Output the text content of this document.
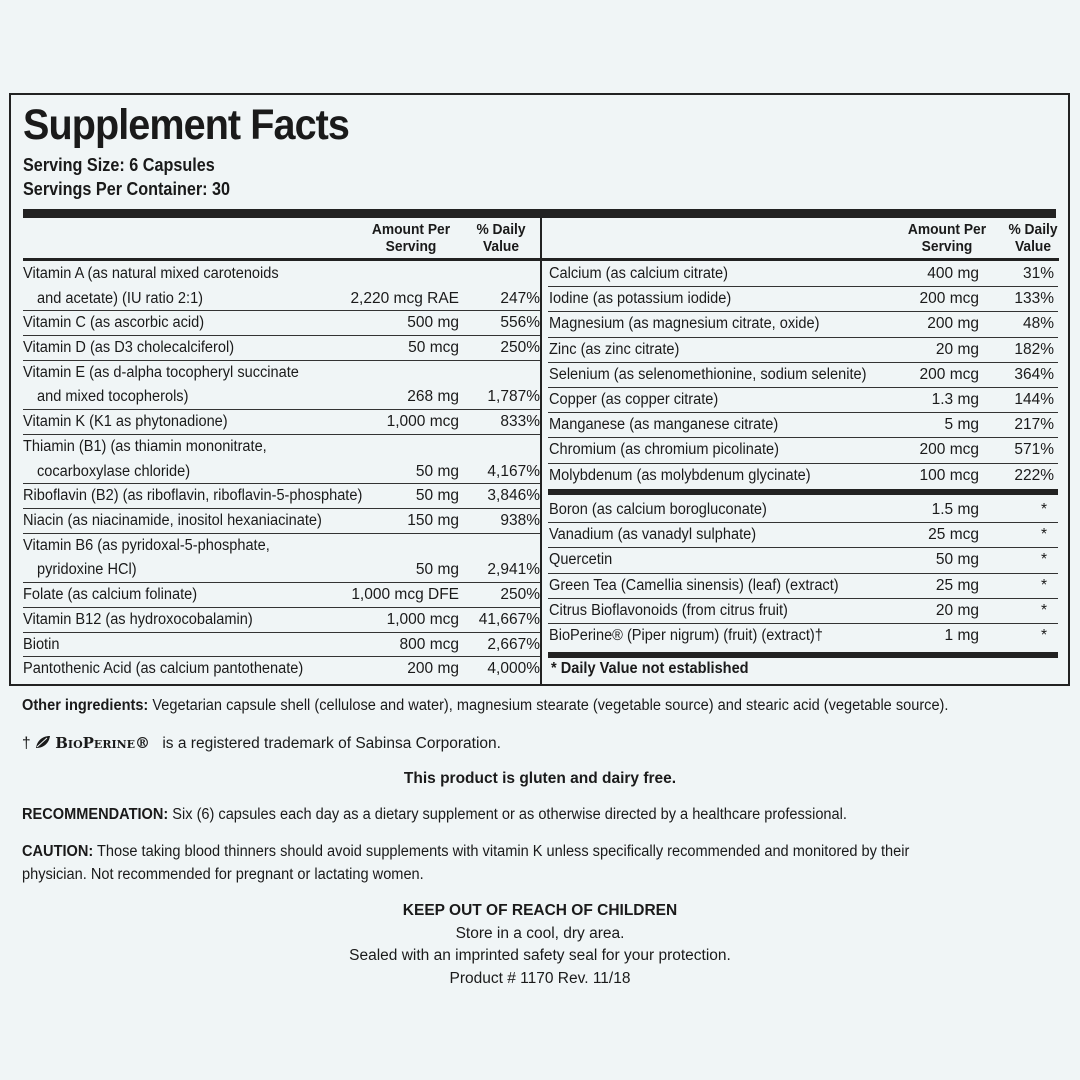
Supplement Facts
Serving Size: 6 Capsules
Servings Per Container: 30
Amount Per Serving
% Daily Value
Amount Per Serving
% Daily Value
Vitamin A (as natural mixed carotenoids
and acetate) (IU ratio 2:1)	2,220 mcg RAE	247%
Vitamin C (as ascorbic acid)	500 mg	556%
Vitamin D (as D3 cholecalciferol)	50 mcg	250%
Vitamin E (as d-alpha tocopheryl succinate
and mixed tocopherols)	268 mg 1,787%
Vitamin K (K1 as phytonadione)	1,000 mcg	833%
Thiamin (B1) (as thiamin mononitrate,
cocarboxylase chloride)	50 mg 4,167%
Riboflavin (B2) (as riboflavin, riboflavin-5-phosphate)	50 mg 3,846%
Niacin (as niacinamide, inositol hexaniacinate)	150 mg	938%
Vitamin B6 (as pyridoxal-5-phosphate,
pyridoxine HCl)	50 mg 2,941%
Folate (as calcium folinate)	1,000 mcg DFE	250%
Vitamin B12 (as hydroxocobalamin)	1,000 mcg 41,667%
Biotin	800 mcg 2,667%
Pantothenic Acid (as calcium pantothenate)	200 mg 4,000%
Calcium (as calcium citrate)	400 mg	31%
Iodine (as potassium iodide)	200 mcg 133%
Magnesium (as magnesium citrate, oxide)	200 mg	48%
Zinc (as zinc citrate)	20 mg 182%
Selenium (as selenomethionine, sodium selenite)	200 mcg 364%
Copper (as copper citrate)	1.3 mg 144%
Manganese (as manganese citrate)	5 mg 217%
Chromium (as chromium picolinate)	200 mcg 571%
Molybdenum (as molybdenum glycinate)	100 mcg 222%
Boron (as calcium borogluconate)	1.5 mg	*
Vanadium (as vanadyl sulphate)	25 mcg	*
Quercetin	50 mg	*
Green Tea (Camellia sinensis) (leaf) (extract)	25 mg	*
Citrus Bioflavonoids (from citrus fruit)	20 mg	*
BioPerine® (Piper nigrum) (fruit) (extract)†	1 mg	*
* Daily Value not established
Other ingredients: Vegetarian capsule shell (cellulose and water), magnesium stearate (vegetable source) and stearic acid (vegetable source).
† BioPerine® is a registered trademark of Sabinsa Corporation.
This product is gluten and dairy free.
RECOMMENDATION: Six (6) capsules each day as a dietary supplement or as otherwise directed by a healthcare professional.
CAUTION: Those taking blood thinners should avoid supplements with vitamin K unless specifically recommended and monitored by their
physician. Not recommended for pregnant or lactating women.
KEEP OUT OF REACH OF CHILDREN
Store in a cool, dry area.
Sealed with an imprinted safety seal for your protection.
Product # 1170 Rev. 11/18
